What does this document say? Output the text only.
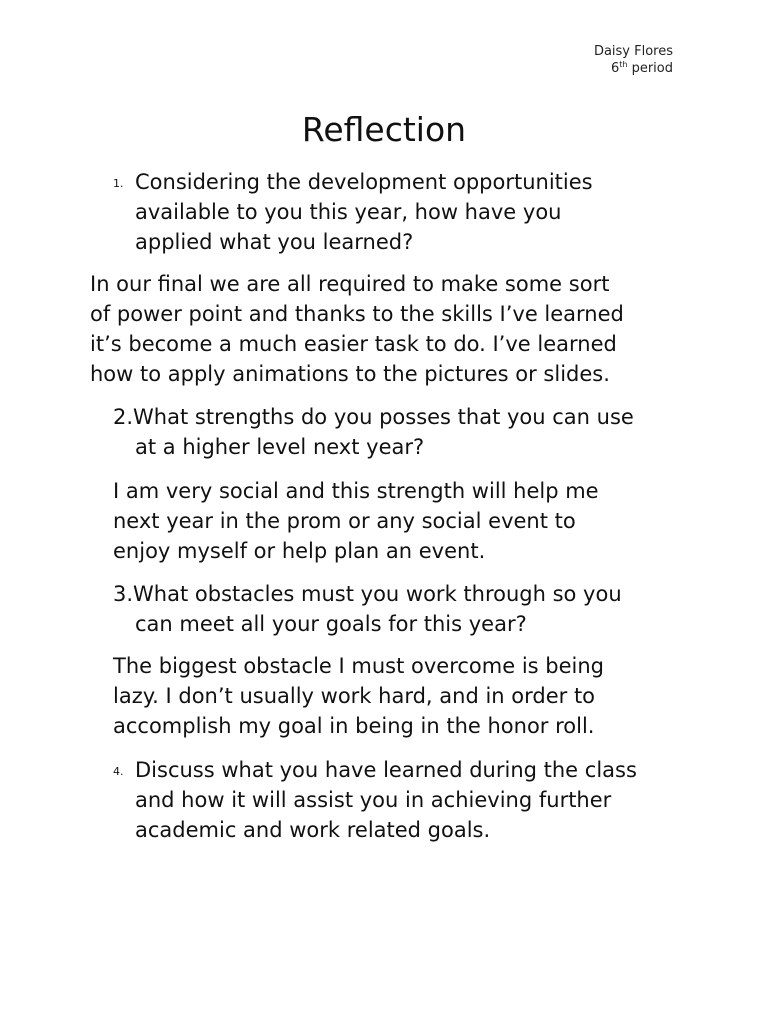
Daisy Flores
6th period
Reflection
1. Considering the development opportunities
available to you this year, how have you
applied what you learned?
In our final we are all required to make some sort
of power point and thanks to the skills I’ve learned
it’s become a much easier task to do. I’ve learned
how to apply animations to the pictures or slides.
2.What strengths do you posses that you can use
at a higher level next year?
I am very social and this strength will help me
next year in the prom or any social event to
enjoy myself or help plan an event.
3.What obstacles must you work through so you
can meet all your goals for this year?
The biggest obstacle I must overcome is being
lazy. I don’t usually work hard, and in order to
accomplish my goal in being in the honor roll.
4. Discuss what you have learned during the class
and how it will assist you in achieving further
academic and work related goals.
